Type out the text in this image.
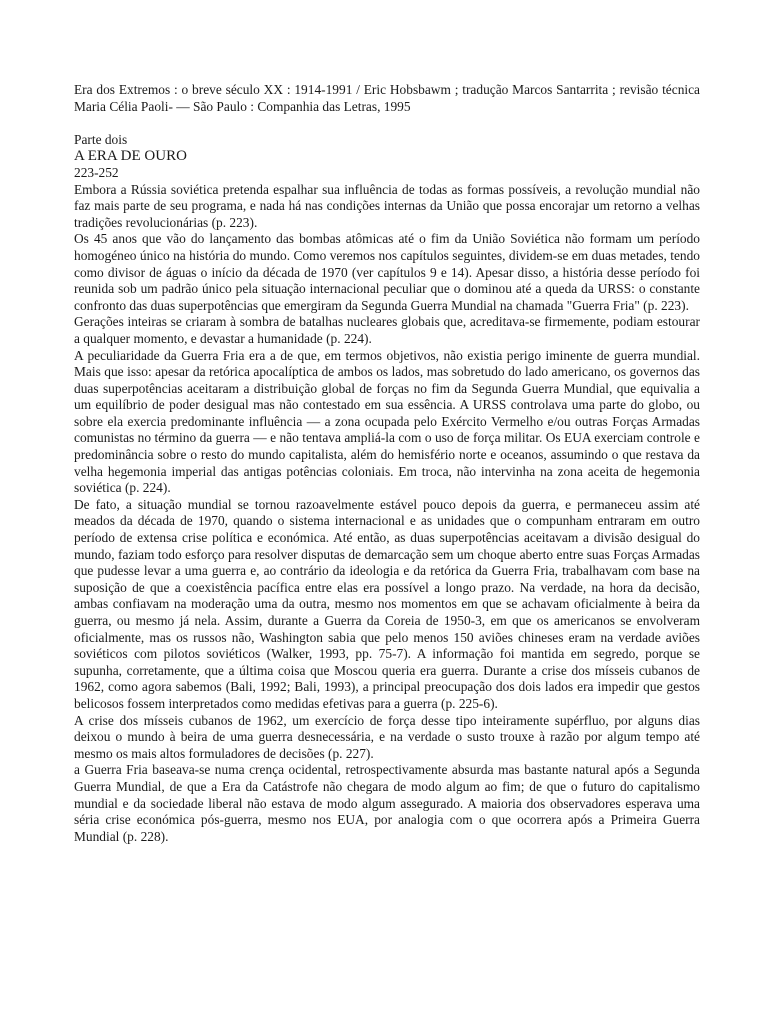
Era dos Extremos : o breve século XX : 1914-1991 / Eric Hobsbawm ; tradução Marcos Santarrita ; revisão técnica Maria Célia Paoli- — São Paulo : Companhia das Letras, 1995

Parte dois

A ERA DE OURO

223-252

Embora a Rússia soviética pretenda espalhar sua influência de todas as formas possíveis, a revolução mundial não faz mais parte de seu programa, e nada há nas condições internas da União que possa encorajar um retorno a velhas tradições revolucionárias (p. 223).

Os 45 anos que vão do lançamento das bombas atômicas até o fim da União Soviética não formam um período homogéneo único na história do mundo. Como veremos nos capítulos seguintes, dividem-se em duas metades, tendo como divisor de águas o início da década de 1970 (ver capítulos 9 e 14). Apesar disso, a história desse período foi reunida sob um padrão único pela situação internacional peculiar que o dominou até a queda da URSS: o constante confronto das duas superpotências que emergiram da Segunda Guerra Mundial na chamada "Guerra Fria" (p. 223).

Gerações inteiras se criaram à sombra de batalhas nucleares globais que, acreditava-se firmemente, podiam estourar a qualquer momento, e devastar a humanidade (p. 224).

A peculiaridade da Guerra Fria era a de que, em termos objetivos, não existia perigo iminente de guerra mundial. Mais que isso: apesar da retórica apocalíptica de ambos os lados, mas sobretudo do lado americano, os governos das duas superpotências aceitaram a distribuição global de forças no fim da Segunda Guerra Mundial, que equivalia a um equilíbrio de poder desigual mas não contestado em sua essência. A URSS controlava uma parte do globo, ou sobre ela exercia predominante influência — a zona ocupada pelo Exército Vermelho e/ou outras Forças Armadas comunistas no término da guerra — e não tentava ampliá-la com o uso de força militar. Os EUA exerciam controle e predominância sobre o resto do mundo capitalista, além do hemisfério norte e oceanos, assumindo o que restava da velha hegemonia imperial das antigas potências coloniais. Em troca, não intervinha na zona aceita de hegemonia soviética (p. 224).

De fato, a situação mundial se tornou razoavelmente estável pouco depois da guerra, e permaneceu assim até meados da década de 1970, quando o sistema internacional e as unidades que o compunham entraram em outro período de extensa crise política e económica. Até então, as duas superpotências aceitavam a divisão desigual do mundo, faziam todo esforço para resolver disputas de demarcação sem um choque aberto entre suas Forças Armadas que pudesse levar a uma guerra e, ao contrário da ideologia e da retórica da Guerra Fria, trabalhavam com base na suposição de que a coexistência pacífica entre elas era possível a longo prazo. Na verdade, na hora da decisão, ambas confiavam na moderação uma da outra, mesmo nos momentos em que se achavam oficialmente à beira da guerra, ou mesmo já nela. Assim, durante a Guerra da Coreia de 1950-3, em que os americanos se envolveram oficialmente, mas os russos não, Washington sabia que pelo menos 150 aviões chineses eram na verdade aviões soviéticos com pilotos soviéticos (Walker, 1993, pp. 75-7). A informação foi mantida em segredo, porque se supunha, corretamente, que a última coisa que Moscou queria era guerra. Durante a crise dos mísseis cubanos de 1962, como agora sabemos (Bali, 1992; Bali, 1993), a principal preocupação dos dois lados era impedir que gestos belicosos fossem interpretados como medidas efetivas para a guerra (p. 225-6).

A crise dos mísseis cubanos de 1962, um exercício de força desse tipo inteiramente supérfluo, por alguns dias deixou o mundo à beira de uma guerra desnecessária, e na verdade o susto trouxe à razão por algum tempo até mesmo os mais altos formuladores de decisões (p. 227).

a Guerra Fria baseava-se numa crença ocidental, retrospectivamente absurda mas bastante natural após a Segunda Guerra Mundial, de que a Era da Catástrofe não chegara de modo algum ao fim; de que o futuro do capitalismo mundial e da sociedade liberal não estava de modo algum assegurado. A maioria dos observadores esperava uma séria crise económica pós-guerra, mesmo nos EUA, por analogia com o que ocorrera após a Primeira Guerra Mundial (p. 228).
